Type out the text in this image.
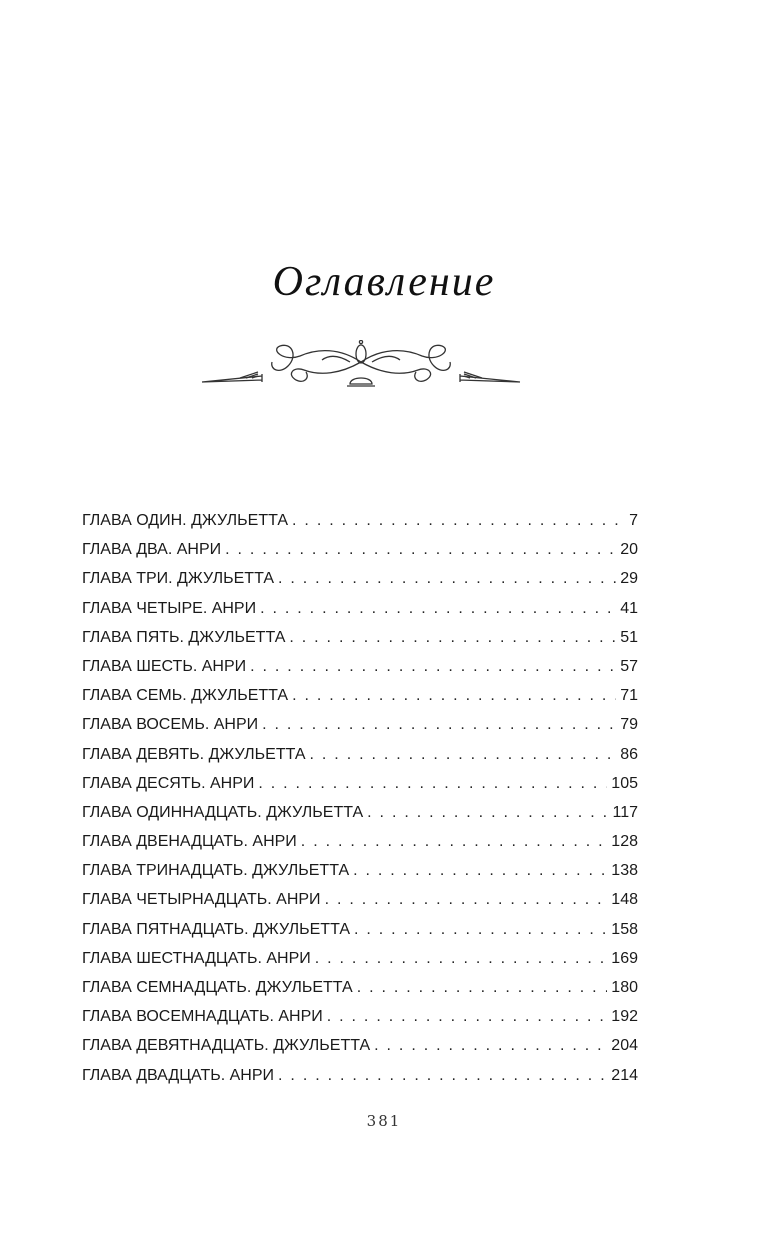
Оглавление
ГЛАВА ОДИН. ДЖУЛЬЕТТА . . .	7
ГЛАВА ДВА. АНРИ . . .	20
ГЛАВА ТРИ. ДЖУЛЬЕТТА . . .	29
ГЛАВА ЧЕТЫРЕ. АНРИ . . .	41
ГЛАВА ПЯТЬ. ДЖУЛЬЕТТА . . .	51
ГЛАВА ШЕСТЬ. АНРИ . . .	57
ГЛАВА СЕМЬ. ДЖУЛЬЕТТА . . .	71
ГЛАВА ВОСЕМЬ. АНРИ . . .	79
ГЛАВА ДЕВЯТЬ. ДЖУЛЬЕТТА . . .	86
ГЛАВА ДЕСЯТЬ. АНРИ . . .	105
ГЛАВА ОДИННАДЦАТЬ. ДЖУЛЬЕТТА . . .	117
ГЛАВА ДВЕНАДЦАТЬ. АНРИ . . .	128
ГЛАВА ТРИНАДЦАТЬ. ДЖУЛЬЕТТА . . .	138
ГЛАВА ЧЕТЫРНАДЦАТЬ. АНРИ . . .	148
ГЛАВА ПЯТНАДЦАТЬ. ДЖУЛЬЕТТА . . .	158
ГЛАВА ШЕСТНАДЦАТЬ. АНРИ . . .	169
ГЛАВА СЕМНАДЦАТЬ. ДЖУЛЬЕТТА . . .	180
ГЛАВА ВОСЕМНАДЦАТЬ. АНРИ . . .	192
ГЛАВА ДЕВЯТНАДЦАТЬ. ДЖУЛЬЕТТА . . .	204
ГЛАВА ДВАДЦАТЬ. АНРИ . . .	214
381
